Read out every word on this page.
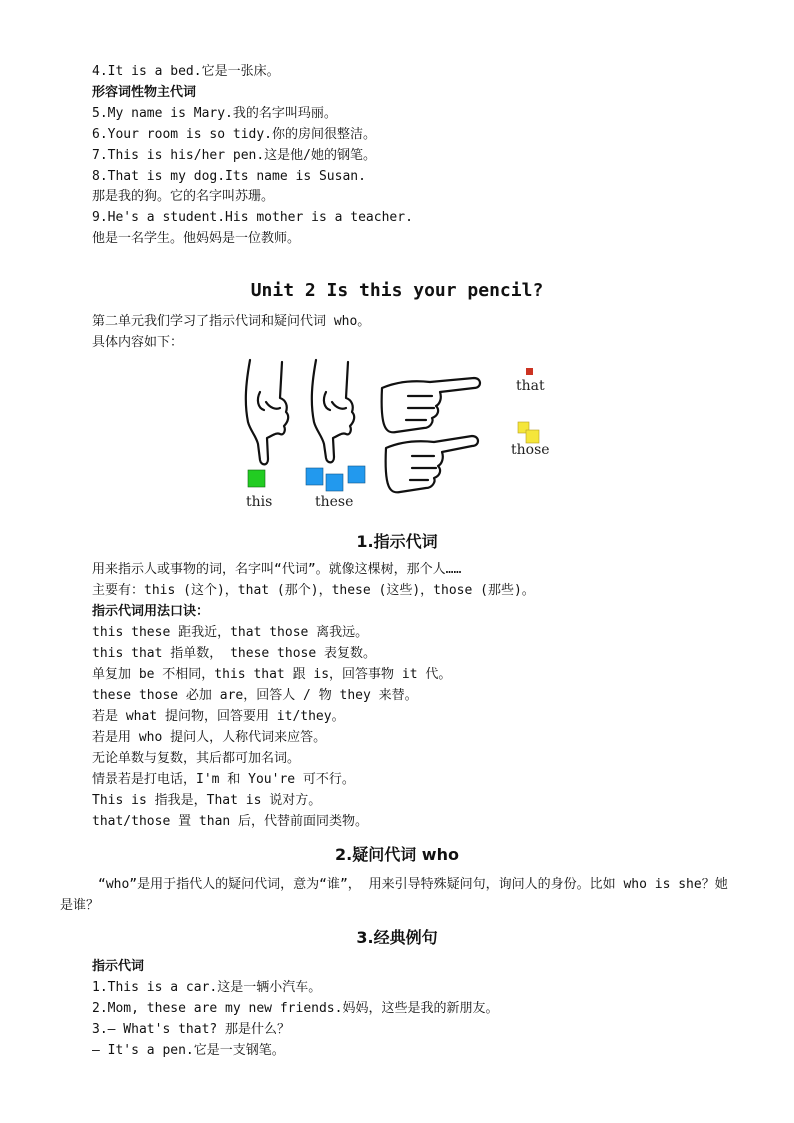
4.It is a bed.它是一张床。
形容词性物主代词
5.My name is Mary.我的名字叫玛丽。
6.Your room is so tidy.你的房间很整洁。
7.This is his/her pen.这是他/她的钢笔。
8.That is my dog.Its name is Susan.
那是我的狗。它的名字叫苏珊。
9.He's a student.His mother is a teacher.
他是一名学生。他妈妈是一位教师。
Unit 2 Is this your pencil?
第二单元我们学习了指示代词和疑问代词 who。
具体内容如下：
this	these
that
those
1.指示代词
用来指示人或事物的词，名字叫“代词”。就像这棵树，那个人……
主要有：this (这个)，that (那个)，these (这些)，those (那些)。
指示代词用法口诀：
this these 距我近，that those 离我远。
this that 指单数， these those 表复数。
单复加 be 不相同，this that 跟 is，回答事物 it 代。
these those 必加 are，回答人 / 物 they 来替。
若是 what 提问物，回答要用 it/they。
若是用 who 提问人，人称代词来应答。
无论单数与复数，其后都可加名词。
情景若是打电话，I'm 和 You're 可不行。
This is 指我是，That is 说对方。
that/those 置 than 后，代替前面同类物。
2.疑问代词 who
“who”是用于指代人的疑问代词，意为“谁”， 用来引导特殊疑问句，询问人的身份。比如 who is she？她是谁？
3.经典例句
指示代词
1.This is a car.这是一辆小汽车。
2.Mom, these are my new friends.妈妈，这些是我的新朋友。
3.— What's that? 那是什么？
— It's a pen.它是一支钢笔。
